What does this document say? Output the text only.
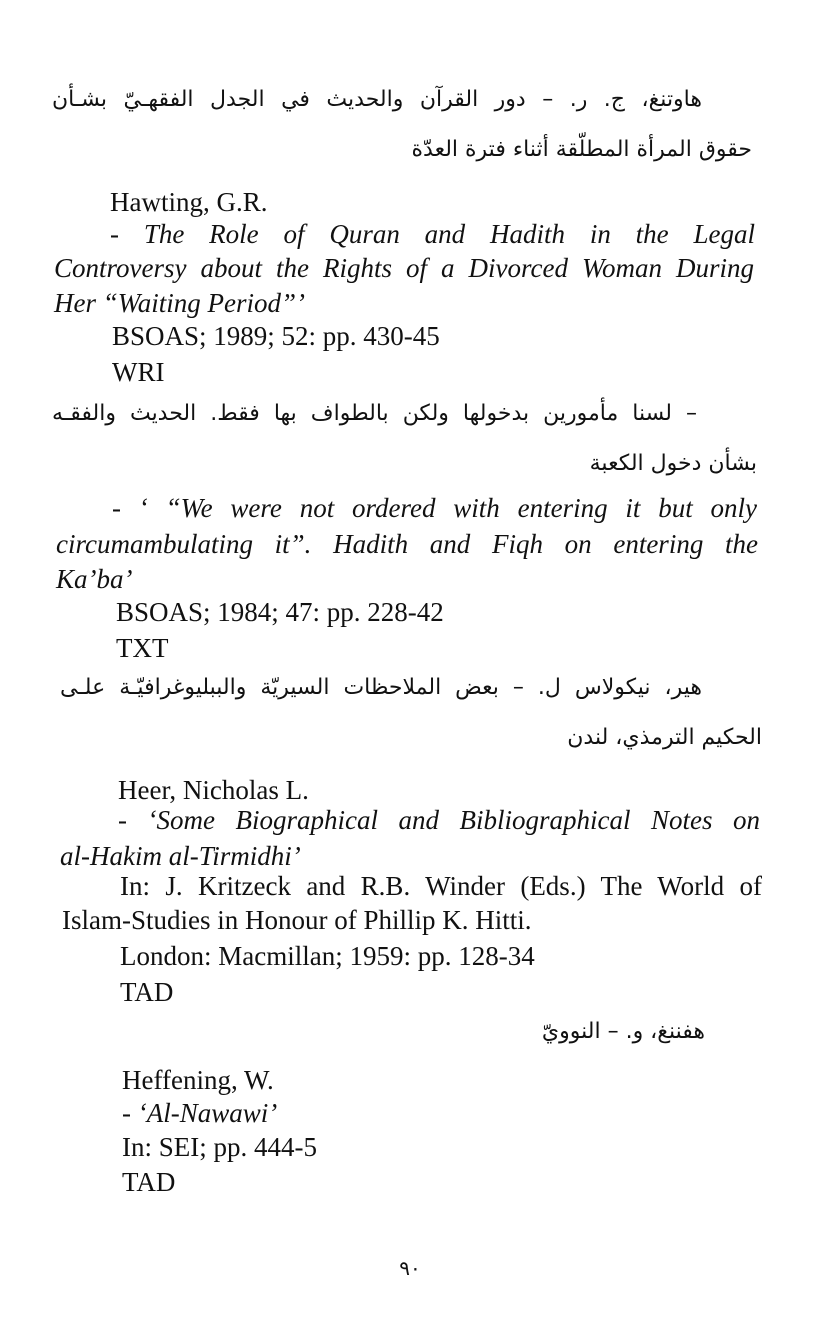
هاوتنغ، ج. ر. – دور القرآن والحديث في الجدل الفقهـيّ بشـأن
حقوق المرأة المطلّقة أثناء فترة العدّة
Hawting, G.R.
- The Role of Quran and Hadith in the Legal
Controversy about the Rights of a Divorced Woman During
Her “Waiting Period”’
BSOAS; 1989; 52: pp. 430-45
WRI
– لسنا مأمورين بدخولها ولكن بالطواف بها فقط. الحديث والفقـه
بشأن دخول الكعبة
- ‘ “We were not ordered with entering it but only
circumambulating it”. Hadith and Fiqh on entering the
Ka’ba’
BSOAS; 1984; 47: pp. 228-42
TXT
هير، نيكولاس ل. – بعض الملاحظات السيريّة والببليوغرافيّـة علـى
الحكيم الترمذي، لندن
Heer, Nicholas L.
- ‘Some Biographical and Bibliographical Notes on
al-Hakim al-Tirmidhi’
In: J. Kritzeck and R.B. Winder (Eds.) The World of
Islam-Studies in Honour of Phillip K. Hitti.
London: Macmillan; 1959: pp. 128-34
TAD
هفننغ، و. – النوويّ
Heffening, W.
- ‘Al-Nawawi’
In: SEI; pp. 444-5
TAD
٩٠
